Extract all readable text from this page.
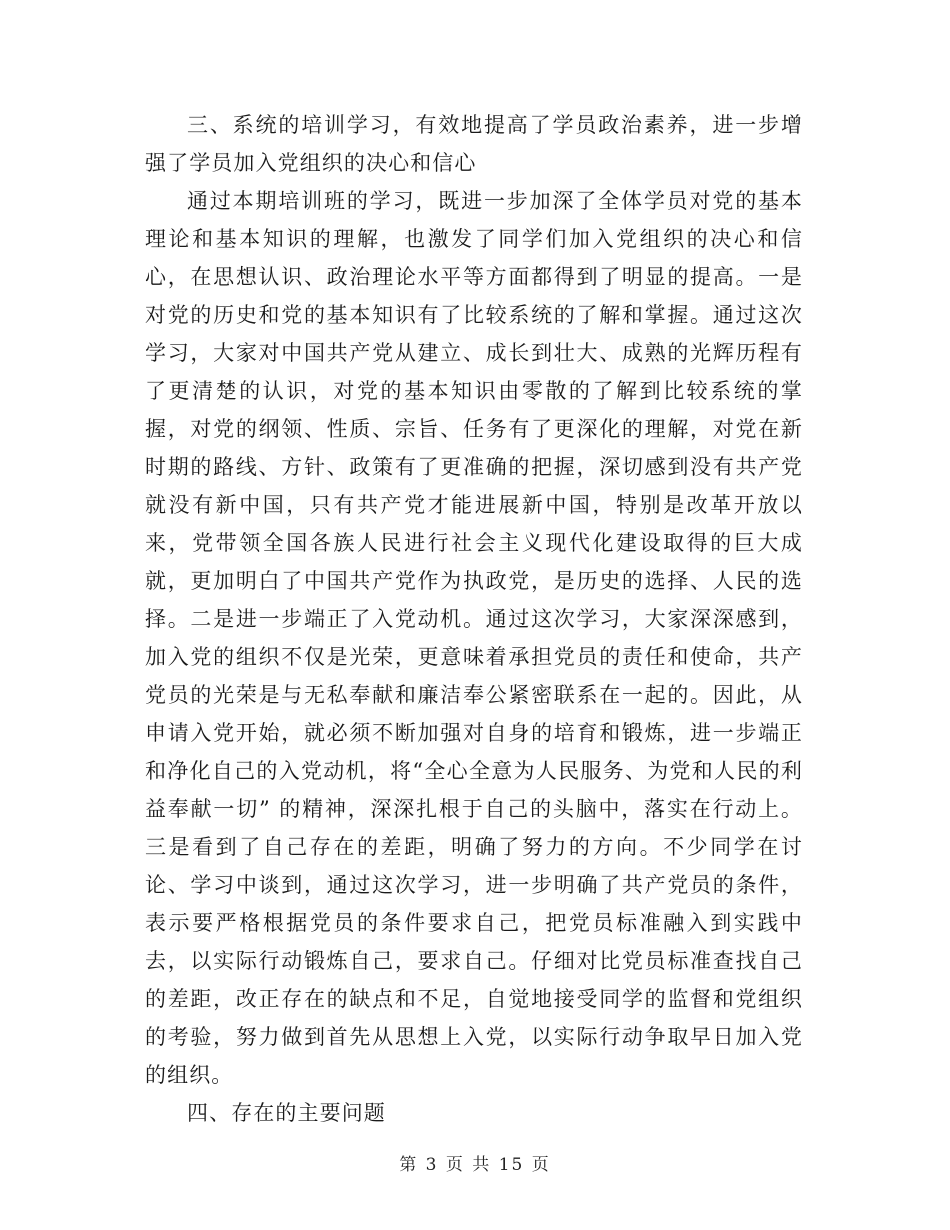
三、系统的培训学习，有效地提高了学员政治素养，进一步增强了学员加入党组织的决心和信心

通过本期培训班的学习，既进一步加深了全体学员对党的基本理论和基本知识的理解，也激发了同学们加入党组织的决心和信心，在思想认识、政治理论水平等方面都得到了明显的提高。一是对党的历史和党的基本知识有了比较系统的了解和掌握。通过这次学习，大家对中国共产党从建立、成长到壮大、成熟的光辉历程有了更清楚的认识，对党的基本知识由零散的了解到比较系统的掌握，对党的纲领、性质、宗旨、任务有了更深化的理解，对党在新时期的路线、方针、政策有了更准确的把握，深切感到没有共产党就没有新中国，只有共产党才能进展新中国，特别是改革开放以来，党带领全国各族人民进行社会主义现代化建设取得的巨大成就，更加明白了中国共产党作为执政党，是历史的选择、人民的选择。二是进一步端正了入党动机。通过这次学习，大家深深感到，加入党的组织不仅是光荣，更意味着承担党员的责任和使命，共产党员的光荣是与无私奉献和廉洁奉公紧密联系在一起的。因此，从申请入党开始，就必须不断加强对自身的培育和锻炼，进一步端正和净化自己的入党动机，将“全心全意为人民服务、为党和人民的利益奉献一切” 的精神，深深扎根于自己的头脑中，落实在行动上。三是看到了自己存在的差距，明确了努力的方向。不少同学在讨论、学习中谈到，通过这次学习，进一步明确了共产党员的条件，表示要严格根据党员的条件要求自己，把党员标准融入到实践中去，以实际行动锻炼自己，要求自己。仔细对比党员标准查找自己的差距，改正存在的缺点和不足，自觉地接受同学的监督和党组织的考验，努力做到首先从思想上入党，以实际行动争取早日加入党的组织。

四、存在的主要问题

第 3 页 共 15 页
